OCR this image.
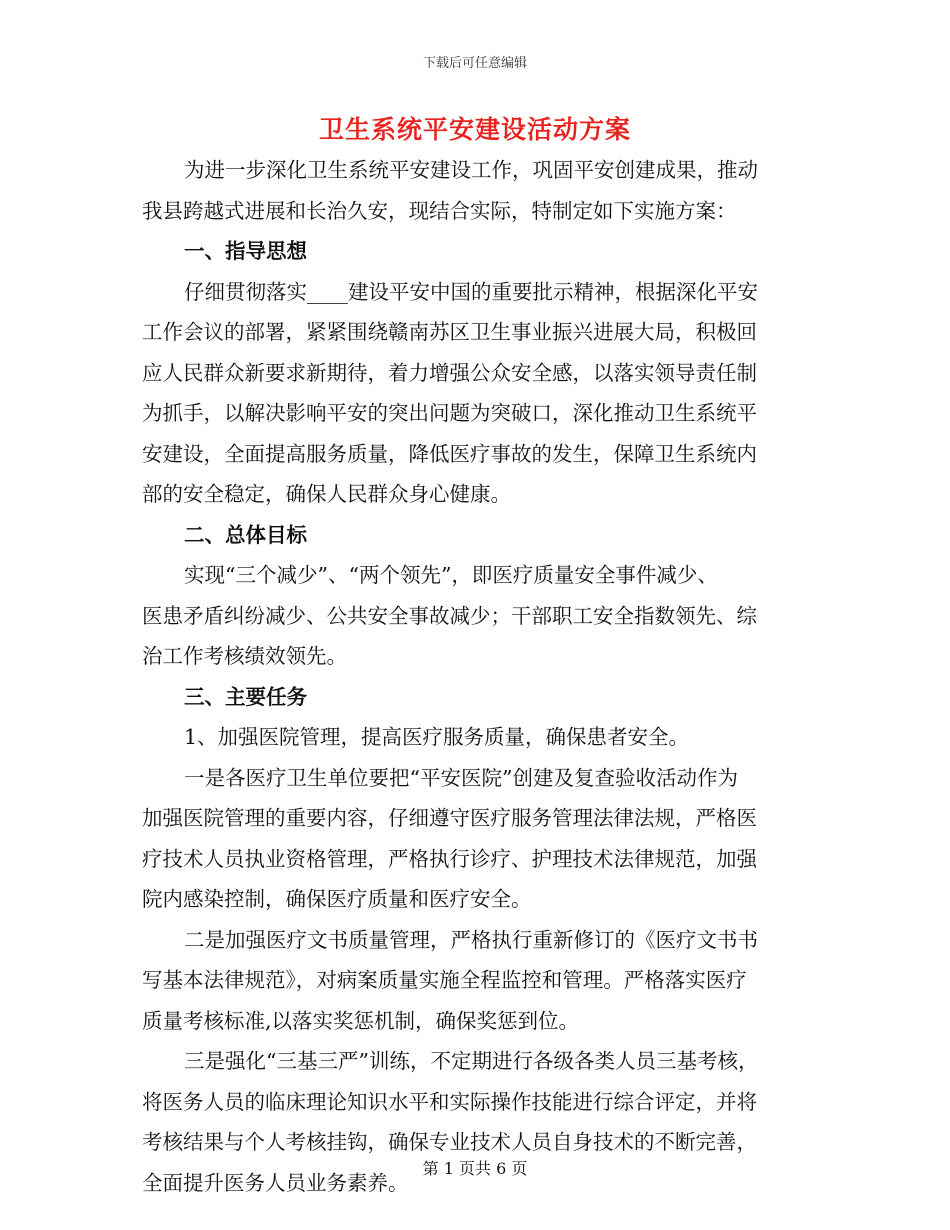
下载后可任意编辑
卫生系统平安建设活动方案
为进一步深化卫生系统平安建设工作，巩固平安创建成果，推动
我县跨越式进展和长治久安，现结合实际，特制定如下实施方案：
一、指导思想
仔细贯彻落实____建设平安中国的重要批示精神，根据深化平安
工作会议的部署，紧紧围绕赣南苏区卫生事业振兴进展大局，积极回
应人民群众新要求新期待，着力增强公众安全感，以落实领导责任制
为抓手，以解决影响平安的突出问题为突破口，深化推动卫生系统平
安建设，全面提高服务质量，降低医疗事故的发生，保障卫生系统内
部的安全稳定，确保人民群众身心健康。
二、总体目标
实现“三个减少”、“两个领先”，即医疗质量安全事件减少、
医患矛盾纠纷减少、公共安全事故减少；干部职工安全指数领先、综
治工作考核绩效领先。
三、主要任务
1、加强医院管理，提高医疗服务质量，确保患者安全。
一是各医疗卫生单位要把“平安医院”创建及复查验收活动作为
加强医院管理的重要内容，仔细遵守医疗服务管理法律法规，严格医
疗技术人员执业资格管理，严格执行诊疗、护理技术法律规范，加强
院内感染控制，确保医疗质量和医疗安全。
二是加强医疗文书质量管理，严格执行重新修订的《医疗文书书
写基本法律规范》，对病案质量实施全程监控和管理。严格落实医疗
质量考核标准,以落实奖惩机制，确保奖惩到位。
三是强化“三基三严”训练，不定期进行各级各类人员三基考核，
将医务人员的临床理论知识水平和实际操作技能进行综合评定，并将
考核结果与个人考核挂钩，确保专业技术人员自身技术的不断完善，
全面提升医务人员业务素养。
第 1 页共 6 页
